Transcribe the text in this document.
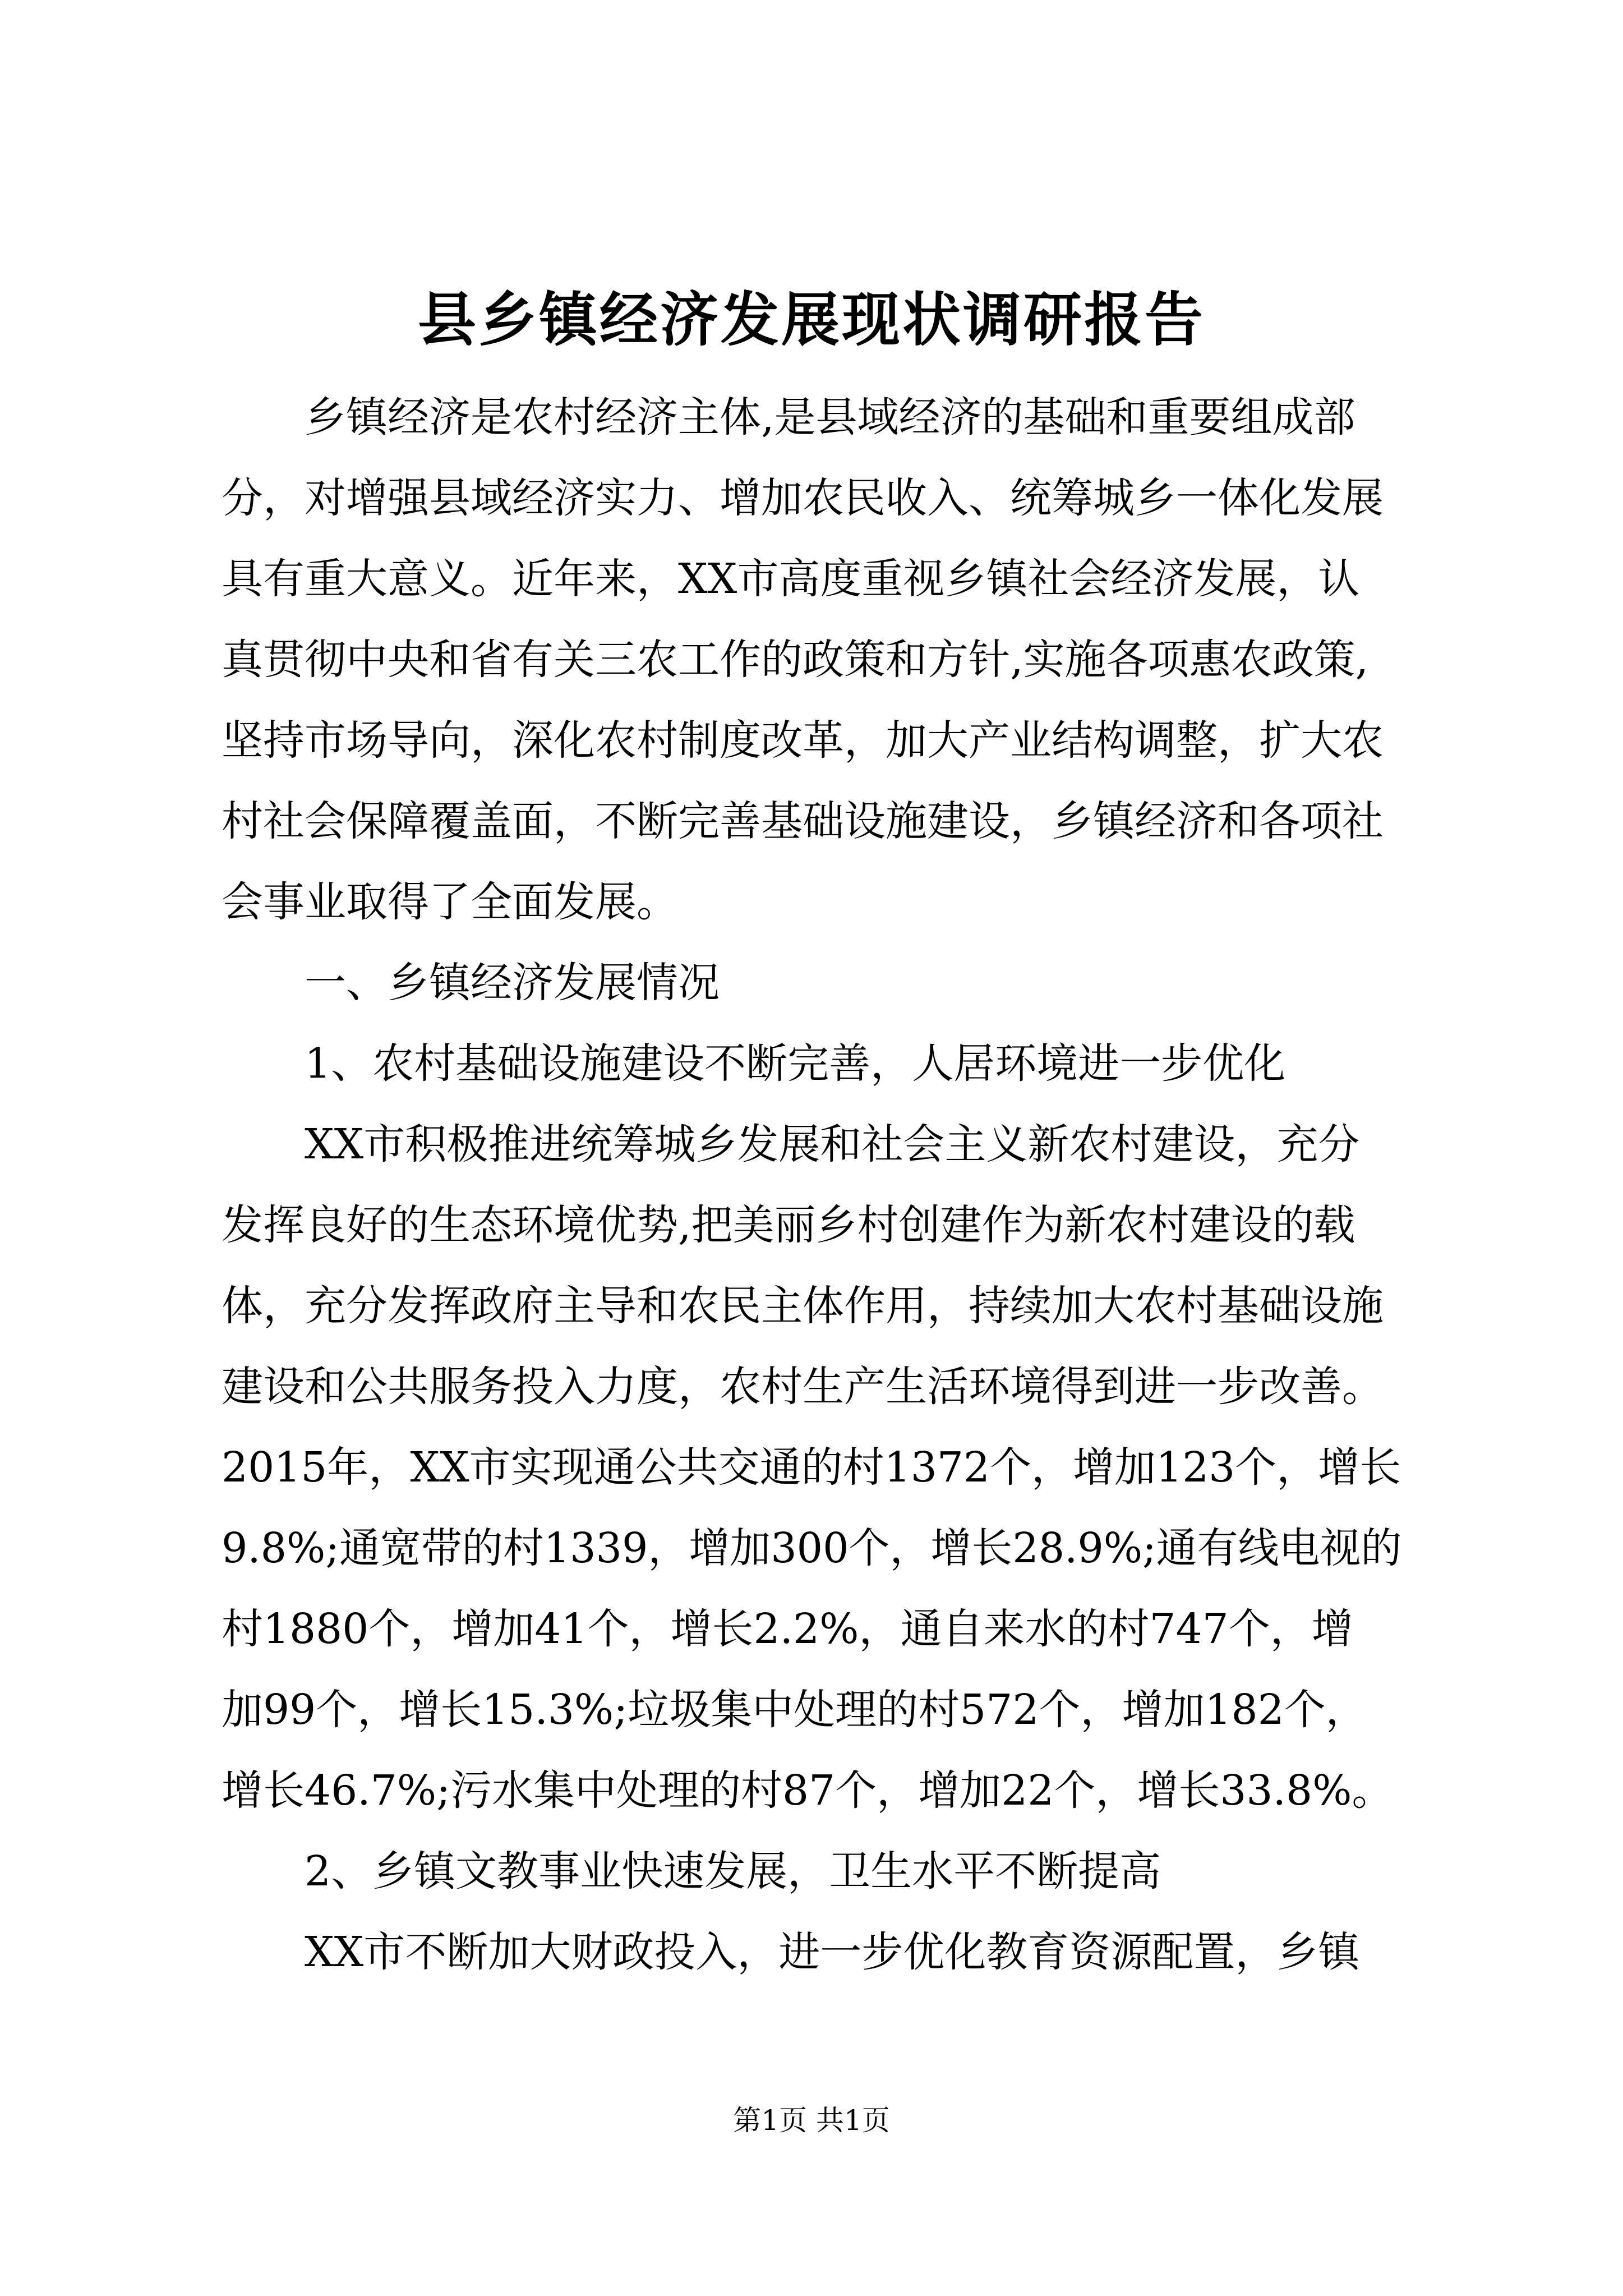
县乡镇经济发展现状调研报告
　　乡镇经济是农村经济主体,是县域经济的基础和重要组成部
分，对增强县域经济实力、增加农民收入、统筹城乡一体化发展
具有重大意义。近年来，XX市高度重视乡镇社会经济发展，认
真贯彻中央和省有关三农工作的政策和方针,实施各项惠农政策,
坚持市场导向，深化农村制度改革，加大产业结构调整，扩大农
村社会保障覆盖面，不断完善基础设施建设，乡镇经济和各项社
会事业取得了全面发展。
　　一、乡镇经济发展情况
　　1、农村基础设施建设不断完善，人居环境进一步优化
　　XX市积极推进统筹城乡发展和社会主义新农村建设，充分
发挥良好的生态环境优势,把美丽乡村创建作为新农村建设的载
体，充分发挥政府主导和农民主体作用，持续加大农村基础设施
建设和公共服务投入力度，农村生产生活环境得到进一步改善。
2015年，XX市实现通公共交通的村1372个，增加123个，增长
9.8%;通宽带的村1339，增加300个，增长28.9%;通有线电视的
村1880个，增加41个，增长2.2%，通自来水的村747个，增
加99个，增长15.3%;垃圾集中处理的村572个，增加182个，
增长46.7%;污水集中处理的村87个，增加22个，增长33.8%。
　　2、乡镇文教事业快速发展，卫生水平不断提高
　　XX市不断加大财政投入，进一步优化教育资源配置，乡镇
第1页 共1页
